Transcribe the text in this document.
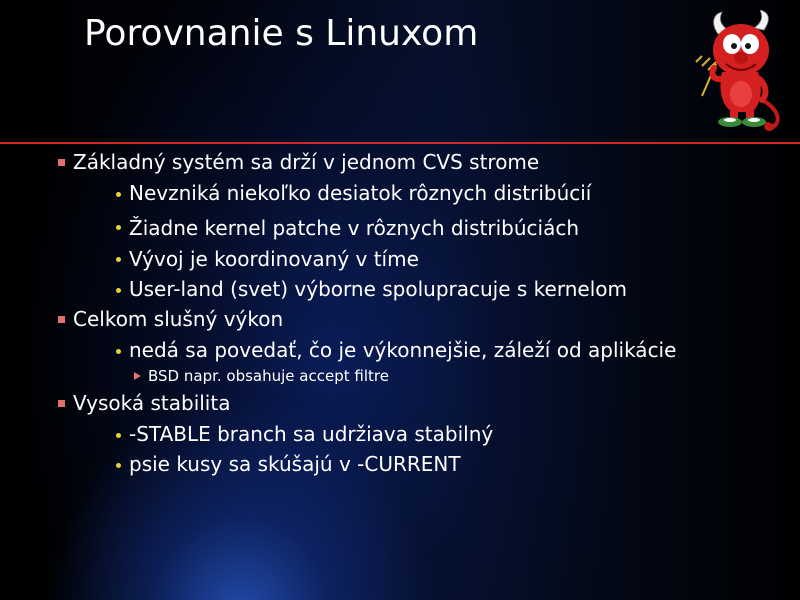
Porovnanie s Linuxom
Základný systém sa drží v jednom CVS strome
Nevzniká niekoľko desiatok rôznych distribúcií
Žiadne kernel patche v rôznych distribúciách
Vývoj je koordinovaný v tíme
User-land (svet) výborne spolupracuje s kernelom
Celkom slušný výkon
nedá sa povedať, čo je výkonnejšie, záleží od aplikácie
BSD napr. obsahuje accept filtre
Vysoká stabilita
-STABLE branch sa udržiava stabilný
psie kusy sa skúšajú v -CURRENT
